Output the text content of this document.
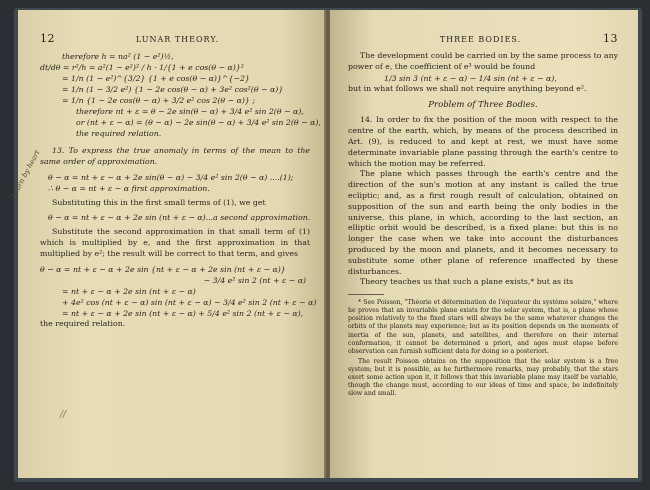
12	LUNAR THEORY.
therefore h = na² (1 − e²)½,
dt/dθ = r²/h = a²(1 − e²)² / h · 1/{1 + e cos(θ − α)}²
= 1/n (1 − e²)^{3/2} {1 + e cos(θ − α)}^{−2}
= 1/n (1 − 3/2 e²) {1 − 2e cos(θ − α) + 3e² cos²(θ − α)}
= 1/n {1 − 2e cos(θ − α) + 3/2 e² cos 2(θ − α)} ;
therefore nt + ε = θ − 2e sin(θ − α) + 3/4 e² sin 2(θ − α),
or (nt + ε − α) = (θ − α) − 2e sin(θ − α) + 3/4 e² sin 2(θ − α),
the required relation.

13. To express the true anomaly in terms of the mean to the same order of approximation.

θ − α = nt + ε − α + 2e sin(θ − α) − 3/4 e² sin 2(θ − α) ....(1);
∴ θ − α = nt + ε − α first approximation.

Substituting this in the first small terms of (1), we get

θ − α = nt + ε − α + 2e sin (nt + ε − α)...a second approximation.

Substitute the second approximation in that small term of (1) which is multiplied by e, and the first approximation in that multiplied by e²; the result will be correct to that term, and gives

θ − α = nt + ε − α + 2e sin {nt + ε − α + 2e sin (nt + ε − α)}
− 3/4 e² sin 2 (nt + ε − α)
= nt + ε − α + 2e sin (nt + ε − α)
+ 4e² cos (nt + ε − α) sin (nt + ε − α) − 3/4 e² sin 2 (nt + ε − α)
= nt + ε − α + 2e sin (nt + ε − α) + 5/4 e² sin 2 (nt + ε − α),

the required relation.

Learn by heart
//
THREE BODIES.	13

The development could be carried on by the same process to any power of e, the coefficient of e³ would be found

1/3 sin 3 (nt + ε − α) − 1/4 sin (nt + ε − α),

but in what follows we shall not require anything beyond e².

Problem of Three Bodies.

14. In order to fix the position of the moon with respect to the centre of the earth, which, by means of the process described in Art. (9), is reduced to and kept at rest, we must have some determinate invariable plane passing through the earth's centre to which the motion may be referred.

The plane which passes through the earth's centre and the direction of the sun's motion at any instant is called the true ecliptic; and, as a first rough result of calculation, obtained on supposition of the sun and earth being the only bodies in the universe, this plane, in which, according to the last section, an elliptic orbit would be described, is a fixed plane: but this is no longer the case when we take into account the disturbances produced by the moon and planets, and it becomes necessary to substitute some other plane of reference unaffected by these disturbances.

Theory teaches us that such a plane exists,* but as its

* See Poisson, "Théorie et détermination de l'équateur du système solaire," where he proves that an invariable plane exists for the solar system, that is, a plane whose position relatively to the fixed stars will always be the same whatever changes the orbits of the planets may experience; but as its position depends on the moments of inertia of the sun, planets, and satellites, and therefore on their internal conformation, it cannot be determined a priori, and ages must elapse before observation can furnish sufficient data for doing so a posteriori.

The result Poisson obtains on the supposition that the solar system is a free system; but it is possible, as he furthermore remarks, may probably, that the stars exert some action upon it, it follows that this invariable plane may itself be variable, though the change must, according to our ideas of time and space, be indefinitely slow and small.
